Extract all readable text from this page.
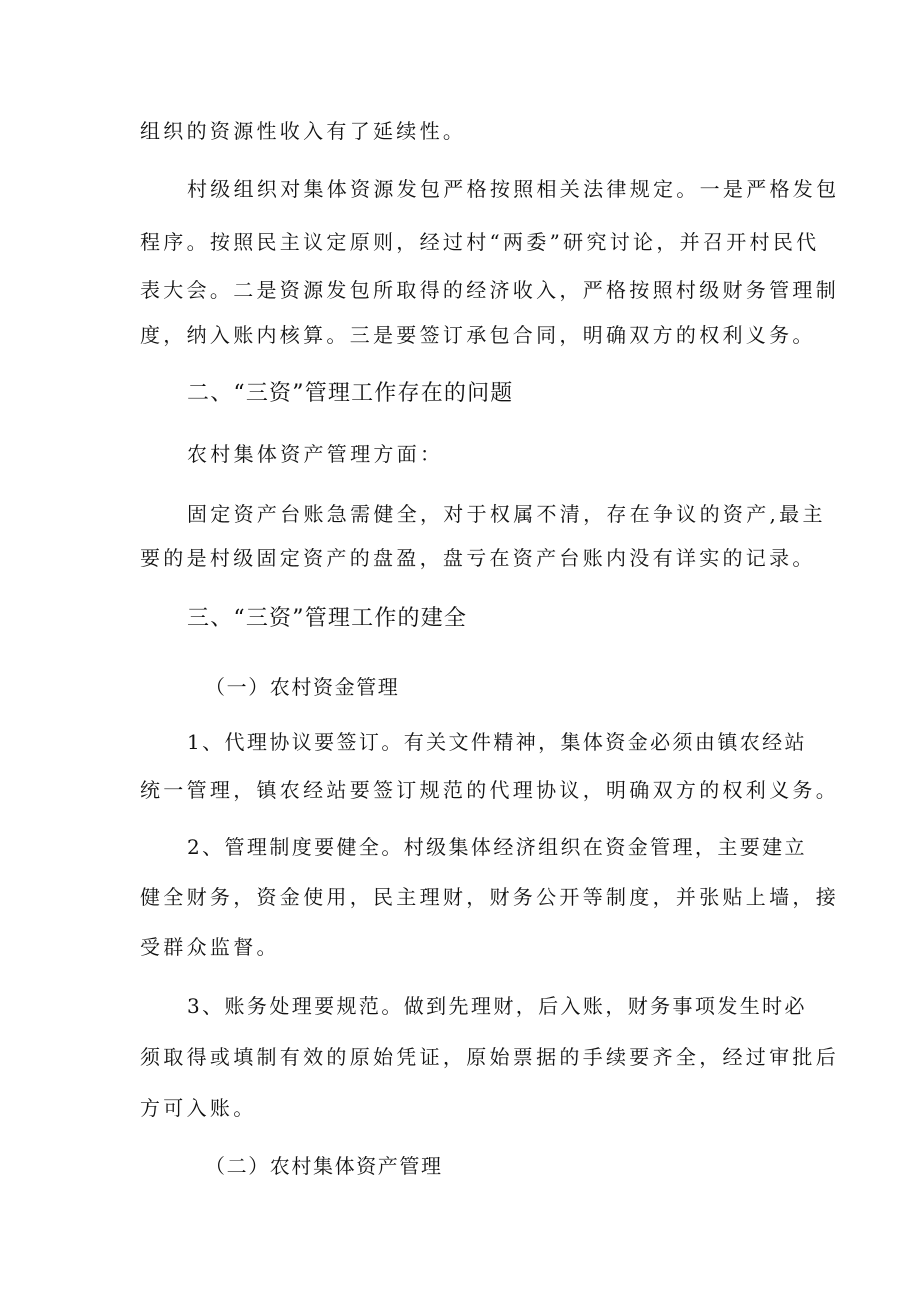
组织的资源性收入有了延续性。
村级组织对集体资源发包严格按照相关法律规定。一是严格发包
程序。按照民主议定原则，经过村“两委”研究讨论，并召开村民代
表大会。二是资源发包所取得的经济收入，严格按照村级财务管理制
度，纳入账内核算。三是要签订承包合同，明确双方的权利义务。
二、“三资”管理工作存在的问题
农村集体资产管理方面：
固定资产台账急需健全，对于权属不清，存在争议的资产,最主
要的是村级固定资产的盘盈，盘亏在资产台账内没有详实的记录。
三、“三资”管理工作的建全
（一）农村资金管理
1、代理协议要签订。有关文件精神，集体资金必须由镇农经站
统一管理，镇农经站要签订规范的代理协议，明确双方的权利义务。
2、管理制度要健全。村级集体经济组织在资金管理，主要建立
健全财务，资金使用，民主理财，财务公开等制度，并张贴上墙，接
受群众监督。
3、账务处理要规范。做到先理财，后入账，财务事项发生时必
须取得或填制有效的原始凭证，原始票据的手续要齐全，经过审批后
方可入账。
（二）农村集体资产管理
